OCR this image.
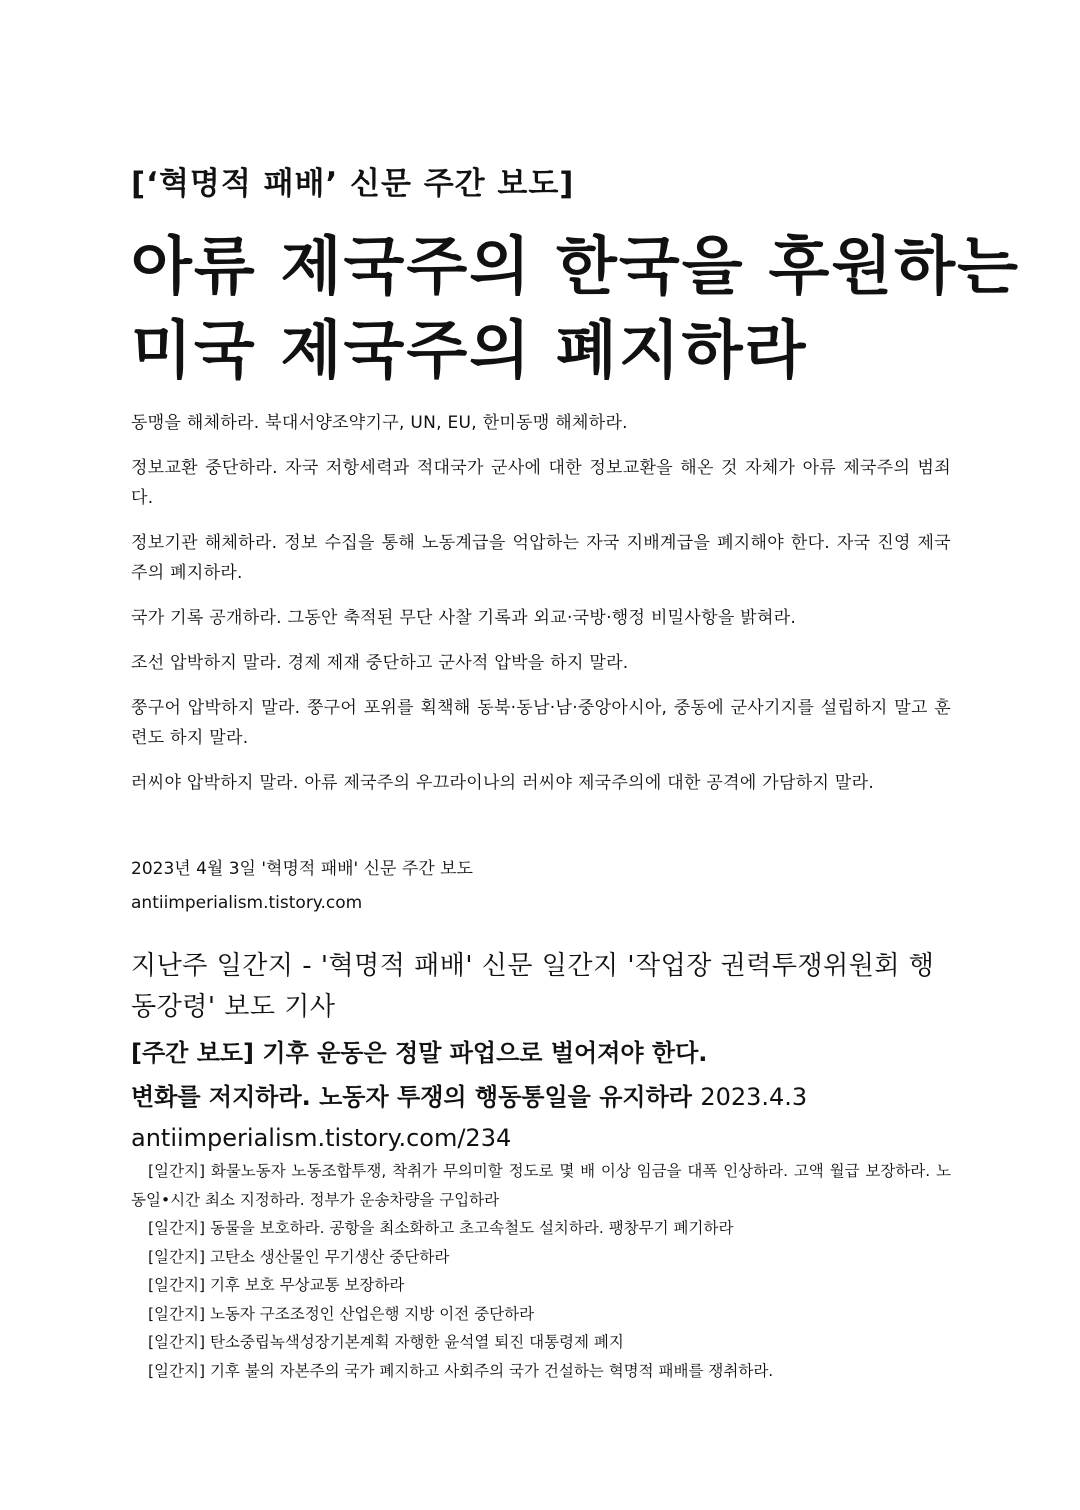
[‘혁명적 패배’ 신문 주간 보도]
아류 제국주의 한국을 후원하는
미국 제국주의 폐지하라

동맹을 해체하라. 북대서양조약기구, UN, EU, 한미동맹 해체하라.

정보교환 중단하라. 자국 저항세력과 적대국가 군사에 대한 정보교환을 해온 것 자체가 아류 제국주의 범죄다.

정보기관 해체하라. 정보 수집을 통해 노동계급을 억압하는 자국 지배계급을 폐지해야 한다. 자국 진영 제국주의 폐지하라.

국가 기록 공개하라. 그동안 축적된 무단 사찰 기록과 외교·국방·행정 비밀사항을 밝혀라.

조선 압박하지 말라. 경제 제재 중단하고 군사적 압박을 하지 말라.

쭝구어 압박하지 말라. 쭝구어 포위를 획책해 동북·동남·남·중앙아시아, 중동에 군사기지를 설립하지 말고 훈련도 하지 말라.

러씨야 압박하지 말라. 아류 제국주의 우끄라이나의 러씨야 제국주의에 대한 공격에 가담하지 말라.

2023년 4월 3일 '혁명적 패배' 신문 주간 보도
antiimperialism.tistory.com
지난주 일간지 - '혁명적 패배' 신문 일간지 '작업장 권력투쟁위원회 행동강령' 보도 기사
[주간 보도] 기후 운동은 정말 파업으로 벌어져야 한다.
변화를 저지하라. 노동자 투쟁의 행동통일을 유지하라 2023.4.3
antiimperialism.tistory.com/234
[일간지] 화물노동자 노동조합투쟁, 착취가 무의미할 정도로 몇 배 이상 임금을 대폭 인상하라. 고액 월급 보장하라. 노동일•시간 최소 지정하라. 정부가 운송차량을 구입하라
[일간지] 동물을 보호하라. 공항을 최소화하고 초고속철도 설치하라. 팽창무기 폐기하라
[일간지] 고탄소 생산물인 무기생산 중단하라
[일간지] 기후 보호 무상교통 보장하라
[일간지] 노동자 구조조정인 산업은행 지방 이전 중단하라
[일간지] 탄소중립녹색성장기본계획 자행한 윤석열 퇴진 대통령제 폐지
[일간지] 기후 불의 자본주의 국가 폐지하고 사회주의 국가 건설하는 혁명적 패배를 쟁취하라.
